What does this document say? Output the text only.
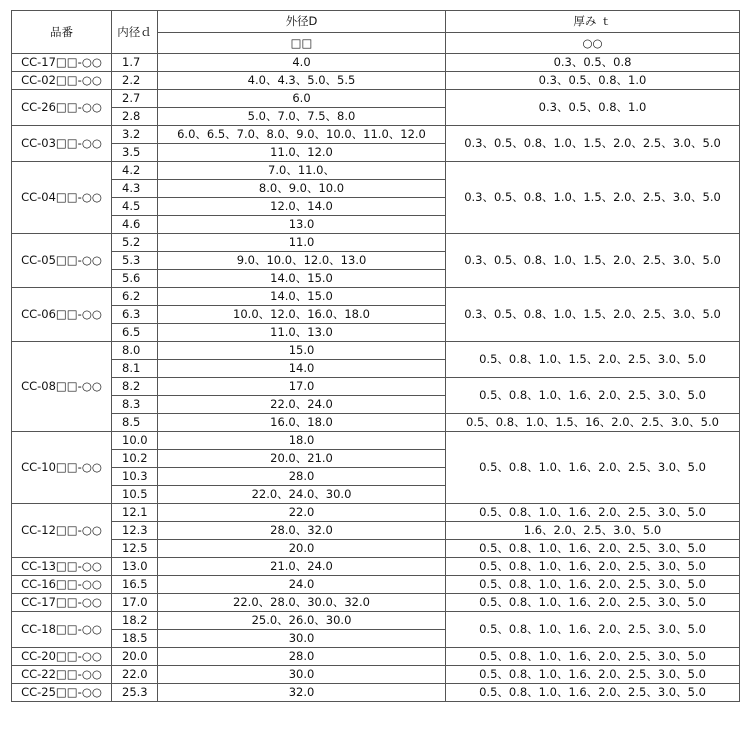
品番	内径ｄ	外径D	厚み ｔ
		□□	○○
CC-17□□-○○	1.7	4.0	0.3、0.5、0.8
CC-02□□-○○	2.2	4.0、4.3、5.0、5.5	0.3、0.5、0.8、1.0
CC-26□□-○○	2.7	6.0	0.3、0.5、0.8、1.0
	2.8	5.0、7.0、7.5、8.0	
CC-03□□-○○	3.2	6.0、6.5、7.0、8.0、9.0、10.0、11.0、12.0	0.3、0.5、0.8、1.0、1.5、2.0、2.5、3.0、5.0
	3.5	11.0、12.0	
CC-04□□-○○	4.2	7.0、11.0、	0.3、0.5、0.8、1.0、1.5、2.0、2.5、3.0、5.0
	4.3	8.0、9.0、10.0	
	4.5	12.0、14.0	
	4.6	13.0	
CC-05□□-○○	5.2	11.0	0.3、0.5、0.8、1.0、1.5、2.0、2.5、3.0、5.0
	5.3	9.0、10.0、12.0、13.0	
	5.6	14.0、15.0	
CC-06□□-○○	6.2	14.0、15.0	0.3、0.5、0.8、1.0、1.5、2.0、2.5、3.0、5.0
	6.3	10.0、12.0、16.0、18.0	
	6.5	11.0、13.0	
CC-08□□-○○	8.0	15.0	0.5、0.8、1.0、1.5、2.0、2.5、3.0、5.0
	8.1	14.0	
	8.2	17.0	0.5、0.8、1.0、1.6、2.0、2.5、3.0、5.0
	8.3	22.0、24.0	
	8.5	16.0、18.0	0.5、0.8、1.0、1.5、16、2.0、2.5、3.0、5.0
CC-10□□-○○	10.0	18.0	0.5、0.8、1.0、1.6、2.0、2.5、3.0、5.0
	10.2	20.0、21.0	
	10.3	28.0	
	10.5	22.0、24.0、30.0	
CC-12□□-○○	12.1	22.0	0.5、0.8、1.0、1.6、2.0、2.5、3.0、5.0
	12.3	28.0、32.0	1.6、2.0、2.5、3.0、5.0
	12.5	20.0	0.5、0.8、1.0、1.6、2.0、2.5、3.0、5.0
CC-13□□-○○	13.0	21.0、24.0	0.5、0.8、1.0、1.6、2.0、2.5、3.0、5.0
CC-16□□-○○	16.5	24.0	0.5、0.8、1.0、1.6、2.0、2.5、3.0、5.0
CC-17□□-○○	17.0	22.0、28.0、30.0、32.0	0.5、0.8、1.0、1.6、2.0、2.5、3.0、5.0
CC-18□□-○○	18.2	25.0、26.0、30.0	0.5、0.8、1.0、1.6、2.0、2.5、3.0、5.0
	18.5	30.0	
CC-20□□-○○	20.0	28.0	0.5、0.8、1.0、1.6、2.0、2.5、3.0、5.0
CC-22□□-○○	22.0	30.0	0.5、0.8、1.0、1.6、2.0、2.5、3.0、5.0
CC-25□□-○○	25.3	32.0	0.5、0.8、1.0、1.6、2.0、2.5、3.0、5.0
